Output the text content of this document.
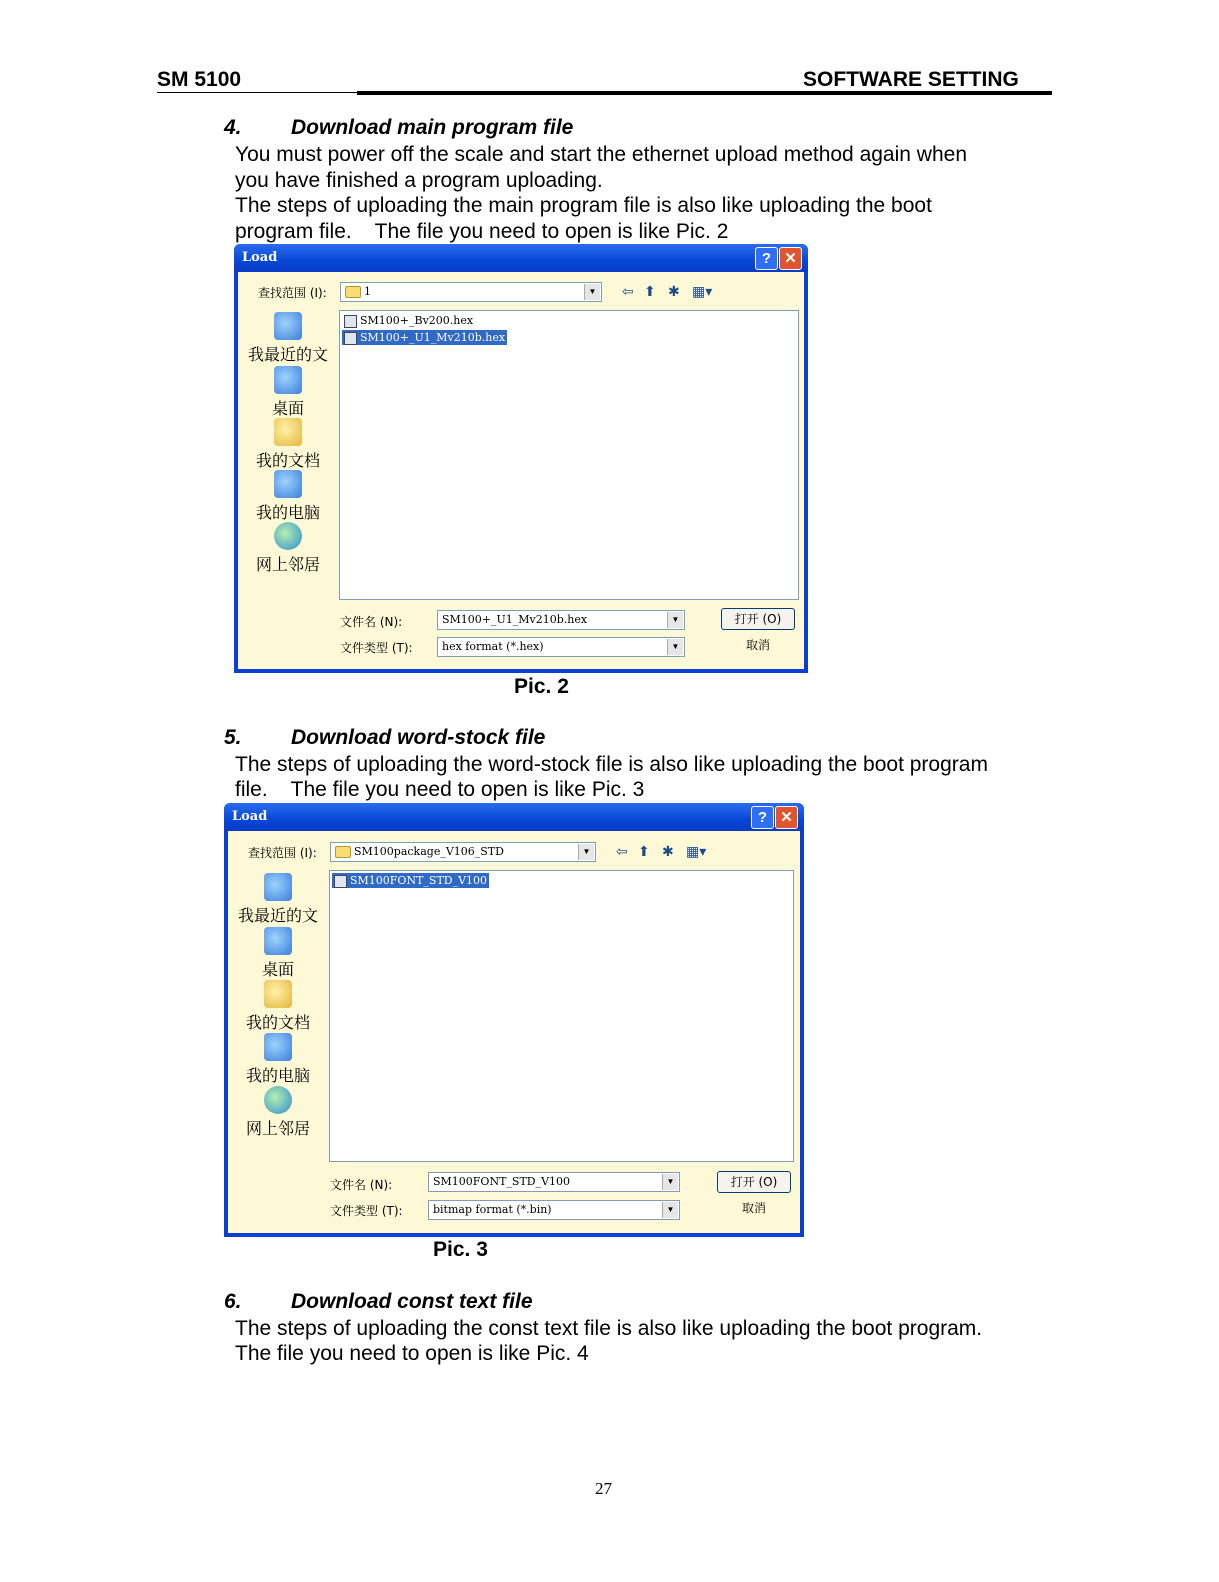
SM 5100	SOFTWARE SETTING
4. Download main program file
You must power off the scale and start the ethernet upload method again when
you have finished a program uploading.
The steps of uploading the main program file is also like uploading the boot
program file.    The file you need to open is like Pic. 2
Load	? ✕
查找范围 (I):	1	▼ ⇦ ⬆ ✱ ▦▾
我最近的文
桌面
我的文档
我的电脑
网上邻居
SM100+_Bv200.hex
SM100+_U1_Mv210b.hex
文件名 (N):	SM100+_U1_Mv210b.hex	▼
文件类型 (T):	hex format (*.hex)	▼
打开 (O)
取消
Pic. 2
5. Download word-stock file
The steps of uploading the word-stock file is also like uploading the boot program
file.    The file you need to open is like Pic. 3
Load	? ✕
查找范围 (I):	SM100package_V106_STD	▼ ⇦ ⬆ ✱ ▦▾
我最近的文
桌面
我的文档
我的电脑
网上邻居
SM100FONT_STD_V100
文件名 (N):	SM100FONT_STD_V100	▼
文件类型 (T):	bitmap format (*.bin)	▼
打开 (O)
取消
Pic. 3
6. Download const text file
The steps of uploading the const text file is also like uploading the boot program.
The file you need to open is like Pic. 4
27
